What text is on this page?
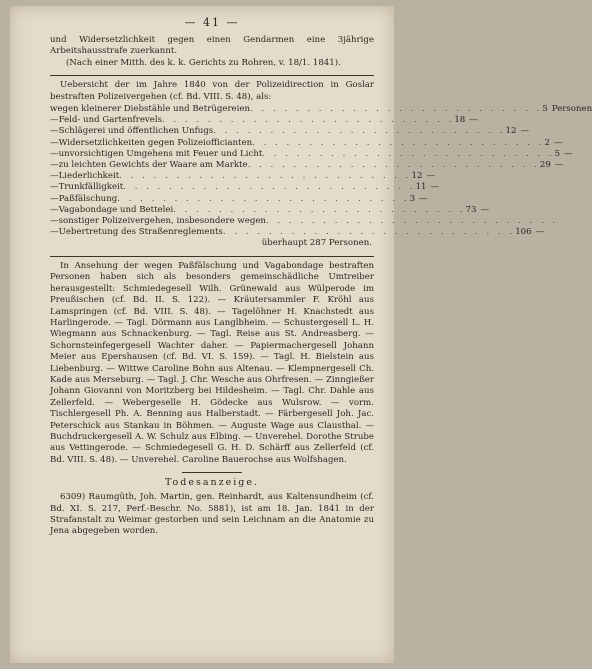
— 41 —

und Widersetzlichkeit gegen einen Gendarmen eine 3jährige Arbeitshausstrafe zuerkannt.

(Nach einer Mitth. des k. k. Gerichts zu Rohren, v. 18/1. 1841).

Uebersicht der im Jahre 1840 von der Polizeidirection in Goslar bestraften Polizeivergehen (cf. Bd. VIII. S. 48), als:

wegen kleinerer Diebstähle und Betrügereien . . . . . . . . . . . . . . . . . . . . . . . . . . 5 Personen
— Feld- und Gartenfrevels . . . . . . . . . . . . . . . . . . . . . . . . . . 18 —
— Schlägerei und öffentlichen Unfugs . . . . . . . . . . . . . . . . . . . . . . . . . . 12 —
— Widersetzlichkeiten gegen Polizeiofficianten . . . . . . . . . . . . . . . . . . . . . . . . . . 2 —
— unvorsichtigen Umgehens mit Feuer und Licht . . . . . . . . . . . . . . . . . . . . . . . . . . 5 —
— zu leichten Gewichts der Waare am Markte . . . . . . . . . . . . . . . . . . . . . . . . . . 29 —
— Liederlichkeit . . . . . . . . . . . . . . . . . . . . . . . . . . 12 —
— Trunkfälligkeit . . . . . . . . . . . . . . . . . . . . . . . . . . 11 —
— Paßfälschung . . . . . . . . . . . . . . . . . . . . . . . . . . 3 —
— Vagabondage und Bettelei . . . . . . . . . . . . . . . . . . . . . . . . . . 73 —
— sonstiger Polizeivergehen, insbesondere wegen . . . . . . . . . . . . . . . . . . . . . . . . . .
— Uebertretung des Straßenreglements . . . . . . . . . . . . . . . . . . . . . . . . . . 106 —
überhaupt 287 Personen.

In Ansehung der wegen Paßfälschung und Vagabondage bestraften Personen haben sich als besonders gemeinschädliche Umtreiber herausgestellt: Schmiedegesell Wilh. Grünewald aus Wülperode im Preußischen (cf. Bd. II. S. 122). — Kräutersammler F. Kröhl aus Lamspringen (cf. Bd. VIII. S. 48). — Tagelöhner H. Knachstedt aus Harlingerode. — Tagl. Dörmann aus Langlbheim. — Schustergesell L. H. Wiegmann aus Schnackenburg. — Tagl. Reise aus St. Andreasberg. — Schornsteinfegergesell Wachter daher. — Papiermachergesell Johann Meier aus Epershausen (cf. Bd. VI. S. 159). — Tagl. H. Bielstein aus Liebenburg. — Wittwe Caroline Bohn aus Altenau. — Klempnergesell Ch. Kade aus Merseburg. — Tagl. J. Chr. Wesche aus Ohrfresen. — Zinngießer Johann Giovanni von Moritzberg bei Hildesheim. — Tagl. Chr. Dahle aus Zellerfeld. — Webergeselle H. Gödecke aus Wulsrow. — vorm. Tischlergesell Ph. A. Benning aus Halberstadt. — Färbergesell Joh. Jac. Peterschick aus Stankau in Böhmen. — Auguste Wage aus Clausthal. — Buchdruckergesell A. W. Schulz aus Elbing. — Unverehel. Dorothe Strube aus Vettingerode. — Schmiedegesell G. H. D. Schärff aus Zellerfeld (cf. Bd. VIII. S. 48). — Unverehel. Caroline Bauerochse aus Wolfshagen.

Todesanzeige.

6309) Raumgüth, Joh. Martin, gen. Reinhardt, aus Kaltensundheim (cf. Bd. XI. S. 217, Perf.-Beschr. No. 5881), ist am 18. Jan. 1841 in der Strafanstalt zu Weimar gestorben und sein Leichnam an die Anatomie zu Jena abgegeben worden.
